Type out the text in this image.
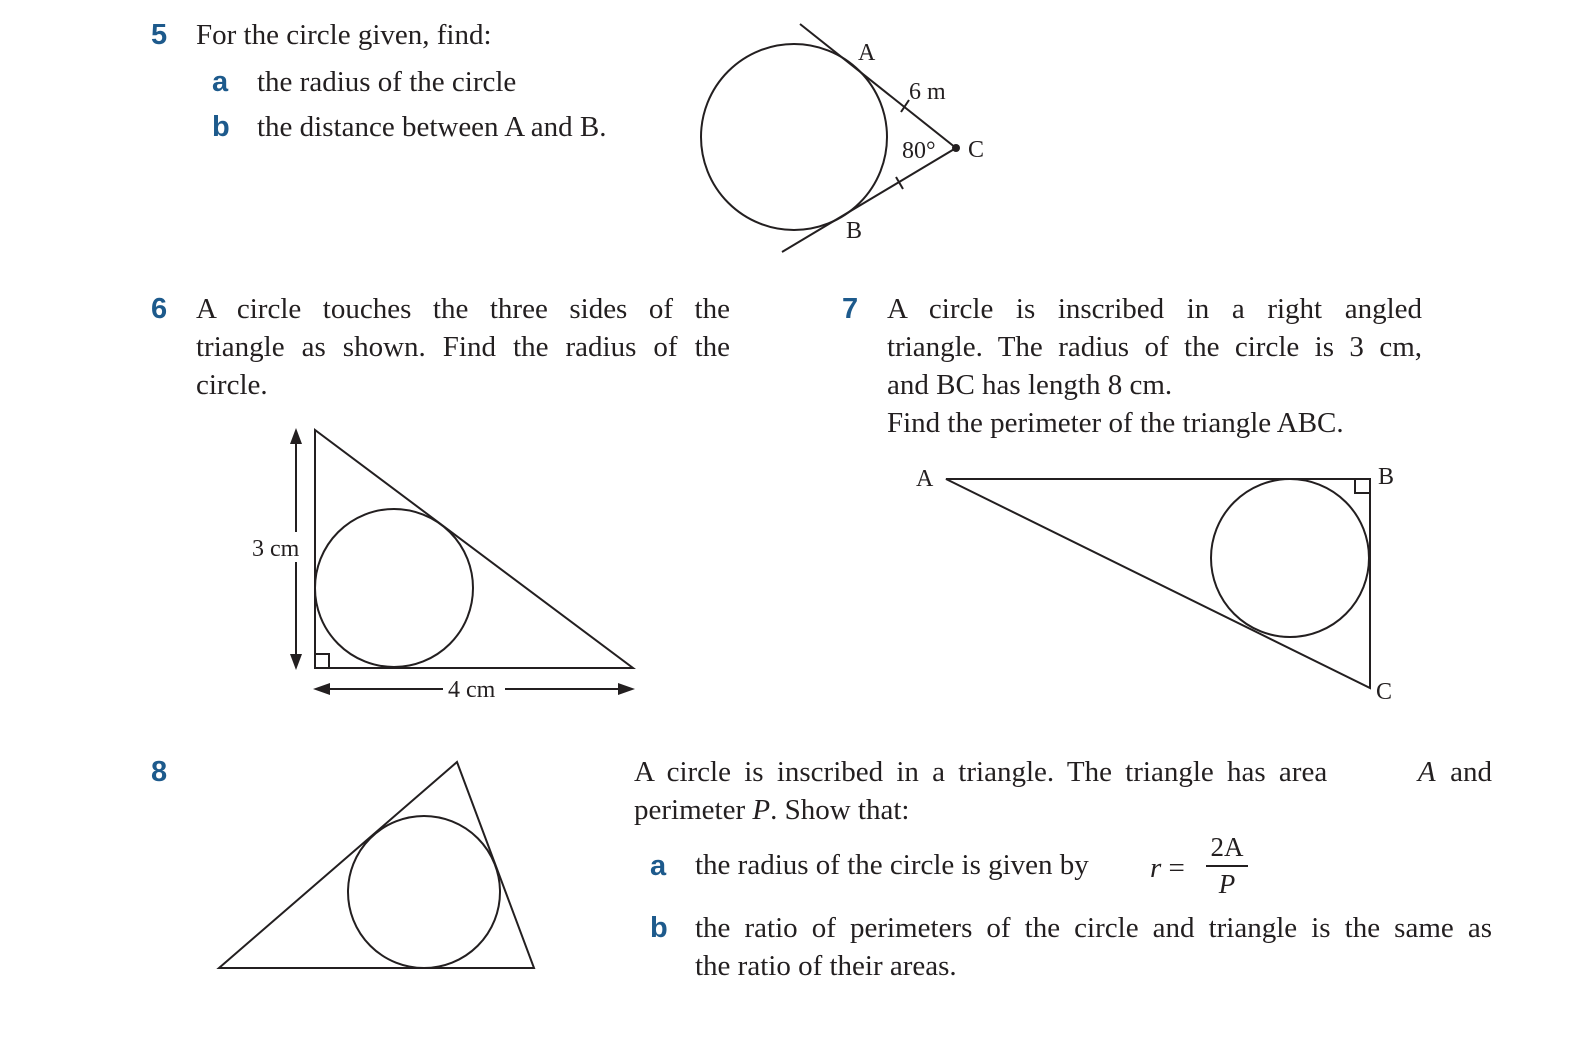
5 For the circle given, find:
a the radius of the circle
b the distance between A and B.
A
B
C
6 m
80°
6 A circle touches the three sides of the
triangle as shown. Find the radius of the
circle.
3 cm
4 cm
7 A circle is inscribed in a right angled
triangle. The radius of the circle is 3 cm,
and BC has length 8 cm.
Find the perimeter of the triangle ABC.
A	B
C
8	A circle is inscribed in a triangle. The triangle has area	A and
perimeter P. Show that:
a the radius of the circle is given by r =
2A
P
b the ratio of perimeters of the circle and triangle is the same as
the ratio of their areas.
